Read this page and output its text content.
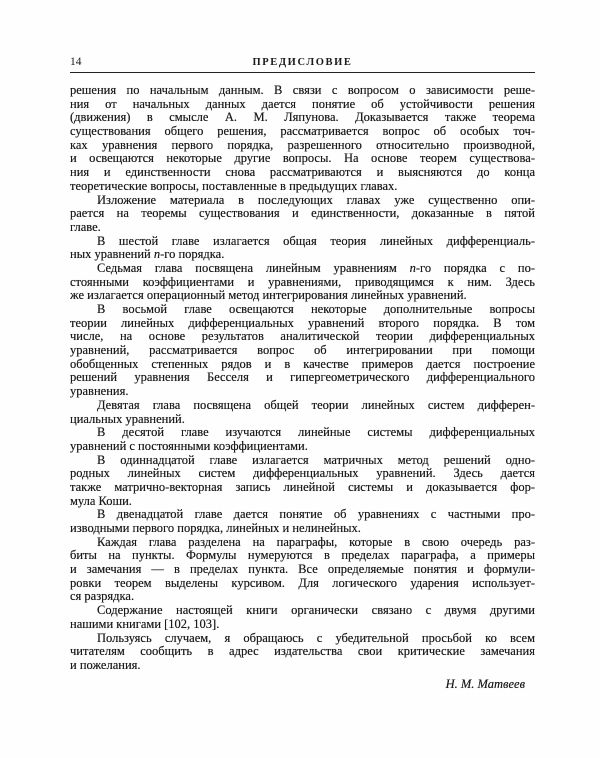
14	ПРЕДИСЛОВИЕ
решения по начальным данным. В связи с вопросом о зависимости реше-
ния от начальных данных дается понятие об устойчивости решения
(движения) в смысле А. М. Ляпунова. Доказывается также теорема
существования общего решения, рассматривается вопрос об особых точ-
ках уравнения первого порядка, разрешенного относительно производной,
и освещаются некоторые другие вопросы. На основе теорем существова-
ния и единственности снова рассматриваются и выясняются до конца
теоретические вопросы, поставленные в предыдущих главах.
Изложение материала в последующих главах уже существенно опи-
рается на теоремы существования и единственности, доказанные в пятой
главе.
В шестой главе излагается общая теория линейных дифференциаль-
ных уравнений n-го порядка.
Седьмая глава посвящена линейным уравнениям n-го порядка с по-
стоянными коэффициентами и уравнениями, приводящимся к ним. Здесь
же излагается операционный метод интегрирования линейных уравнений.
В восьмой главе освещаются некоторые дополнительные вопросы
теории линейных дифференциальных уравнений второго порядка. В том
числе, на основе результатов аналитической теории дифференциальных
уравнений, рассматривается вопрос об интегрировании при помощи
обобщенных степенных рядов и в качестве примеров дается построение
решений уравнения Бесселя и гипергеометрического дифференциального
уравнения.
Девятая глава посвящена общей теории линейных систем дифферен-
циальных уравнений.
В десятой главе изучаются линейные системы дифференциальных
уравнений с постоянными коэффициентами.
В одиннадцатой главе излагается матричных метод решений одно-
родных линейных систем дифференциальных уравнений. Здесь дается
также матрично-векторная запись линейной системы и доказывается фор-
мула Коши.
В двенадцатой главе дается понятие об уравнениях с частными про-
изводными первого порядка, линейных и нелинейных.
Каждая глава разделена на параграфы, которые в свою очередь раз-
биты на пункты. Формулы нумеруются в пределах параграфа, а примеры
и замечания — в пределах пункта. Все определяемые понятия и формули-
ровки теорем выделены курсивом. Для логического ударения использует-
ся разрядка.
Содержание настоящей книги органически связано с двумя другими
нашими книгами [102, 103].
Пользуясь случаем, я обращаюсь с убедительной просьбой ко всем
читателям сообщить в адрес издательства свои критические замечания
и пожелания.
Н. М. Матвеев
